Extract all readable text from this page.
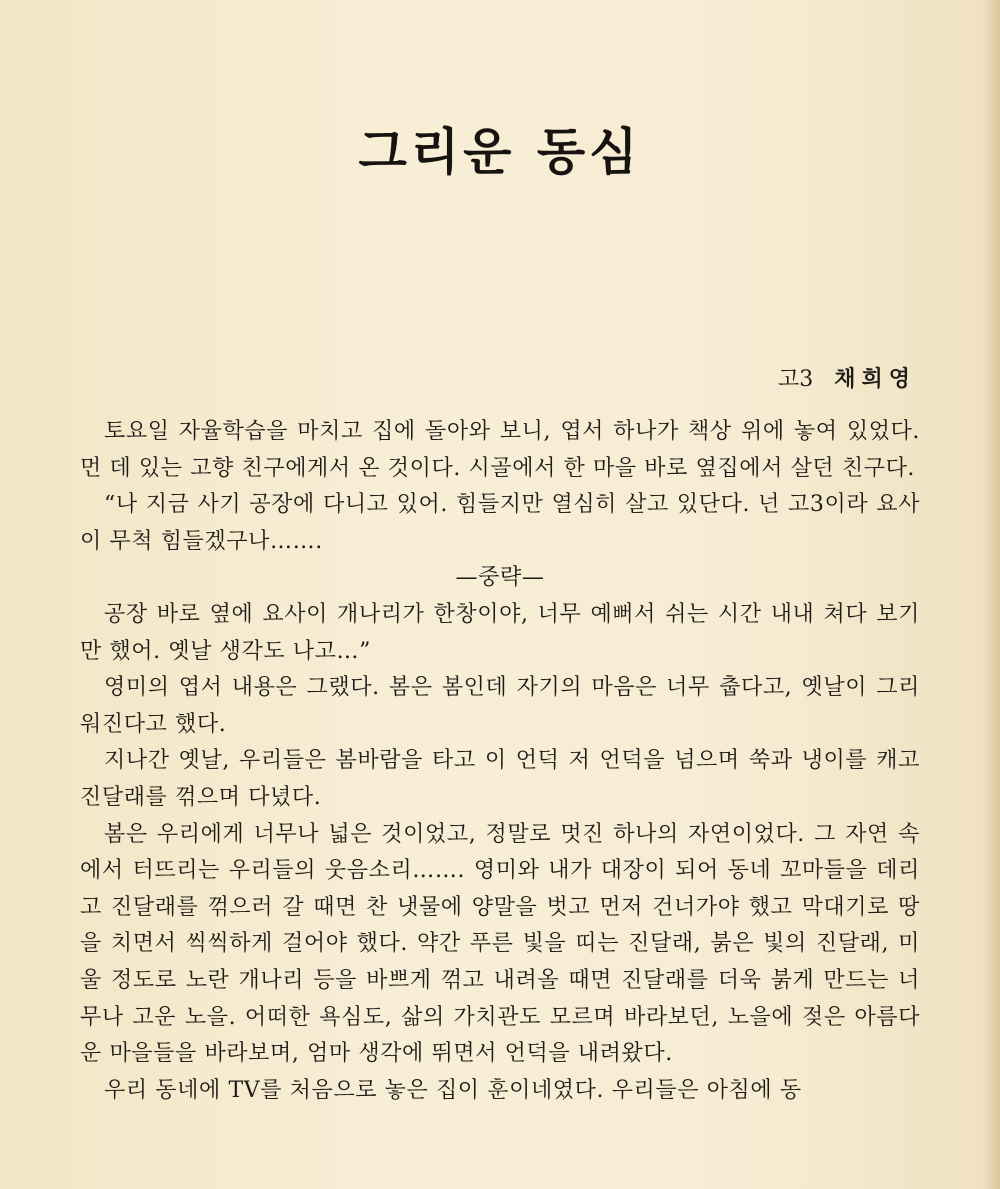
그리운 동심

고3 채희영

토요일 자율학습을 마치고 집에 돌아와 보니, 엽서 하나가 책상 위에 놓여 있었다. 먼 데 있는 고향 친구에게서 온 것이다. 시골에서 한 마을 바로 옆집에서 살던 친구다.

“나 지금 사기 공장에 다니고 있어. 힘들지만 열심히 살고 있단다. 넌 고3이라 요사이 무척 힘들겠구나…….

—중략—

공장 바로 옆에 요사이 개나리가 한창이야, 너무 예뻐서 쉬는 시간 내내 쳐다 보기만 했어. 옛날 생각도 나고…”

영미의 엽서 내용은 그랬다. 봄은 봄인데 자기의 마음은 너무 춥다고, 옛날이 그리워진다고 했다.

지나간 옛날, 우리들은 봄바람을 타고 이 언덕 저 언덕을 넘으며 쑥과 냉이를 캐고 진달래를 꺾으며 다녔다.

봄은 우리에게 너무나 넓은 것이었고, 정말로 멋진 하나의 자연이었다. 그 자연 속에서 터뜨리는 우리들의 웃음소리……. 영미와 내가 대장이 되어 동네 꼬마들을 데리고 진달래를 꺾으러 갈 때면 찬 냇물에 양말을 벗고 먼저 건너가야 했고 막대기로 땅을 치면서 씩씩하게 걸어야 했다. 약간 푸른 빛을 띠는 진달래, 붉은 빛의 진달래, 미울 정도로 노란 개나리 등을 바쁘게 꺾고 내려올 때면 진달래를 더욱 붉게 만드는 너무나 고운 노을. 어떠한 욕심도, 삶의 가치관도 모르며 바라보던, 노을에 젖은 아름다운 마을들을 바라보며, 엄마 생각에 뛰면서 언덕을 내려왔다.

우리 동네에 TV를 처음으로 놓은 집이 훈이네였다. 우리들은 아침에 동
